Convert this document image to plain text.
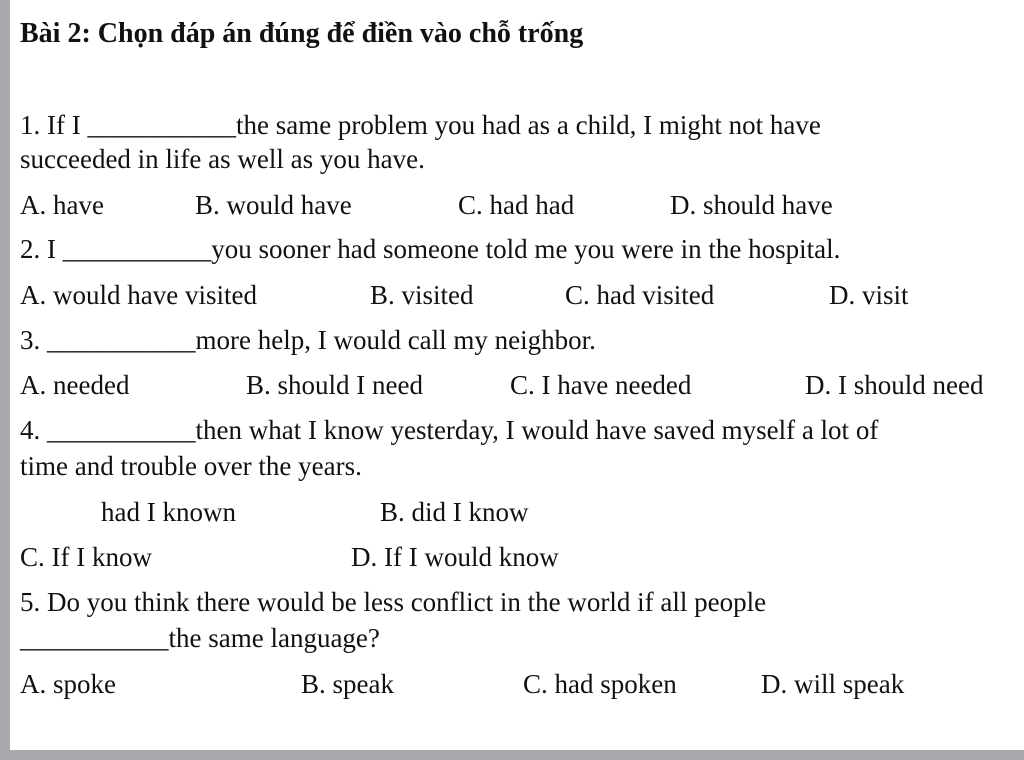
Bài 2: Chọn đáp án đúng để điền vào chỗ trống
1. If I ___________the same problem you had as a child, I might not have
succeeded in life as well as you have.
A. have	B. would have	C. had had	D. should have
2. I ___________you sooner had someone told me you were in the hospital.
A. would have visited	B. visited	C. had visited	D. visit
3. ___________more help, I would call my neighbor.
A. needed	B. should I need	C. I have needed	D. I should need
4. ___________then what I know yesterday, I would have saved myself a lot of
time and trouble over the years.
had I known	B. did I know
C. If I know	D. If I would know
5. Do you think there would be less conflict in the world if all people
___________the same language?
A. spoke	B. speak	C. had spoken	D. will speak
